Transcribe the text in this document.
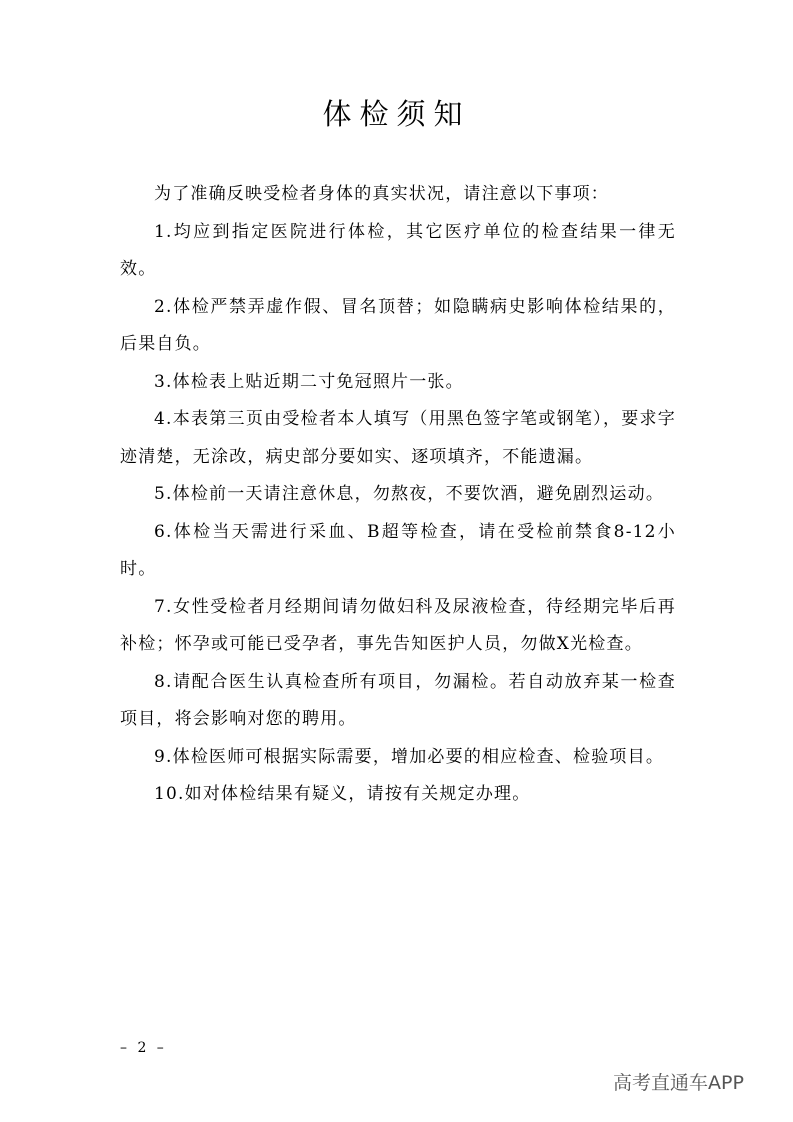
体检须知

为了准确反映受检者身体的真实状况，请注意以下事项：

1.均应到指定医院进行体检，其它医疗单位的检查结果一律无效。

2.体检严禁弄虚作假、冒名顶替；如隐瞒病史影响体检结果的，后果自负。

3.体检表上贴近期二寸免冠照片一张。

4.本表第三页由受检者本人填写（用黑色签字笔或钢笔），要求字迹清楚，无涂改，病史部分要如实、逐项填齐，不能遗漏。

5.体检前一天请注意休息，勿熬夜，不要饮酒，避免剧烈运动。

6.体检当天需进行采血、B超等检查，请在受检前禁食8-12小时。

7.女性受检者月经期间请勿做妇科及尿液检查，待经期完毕后再补检；怀孕或可能已受孕者，事先告知医护人员，勿做X光检查。

8.请配合医生认真检查所有项目，勿漏检。若自动放弃某一检查项目，将会影响对您的聘用。

9.体检医师可根据实际需要，增加必要的相应检查、检验项目。

10.如对体检结果有疑义，请按有关规定办理。

– 2 –
高考直通车APP
